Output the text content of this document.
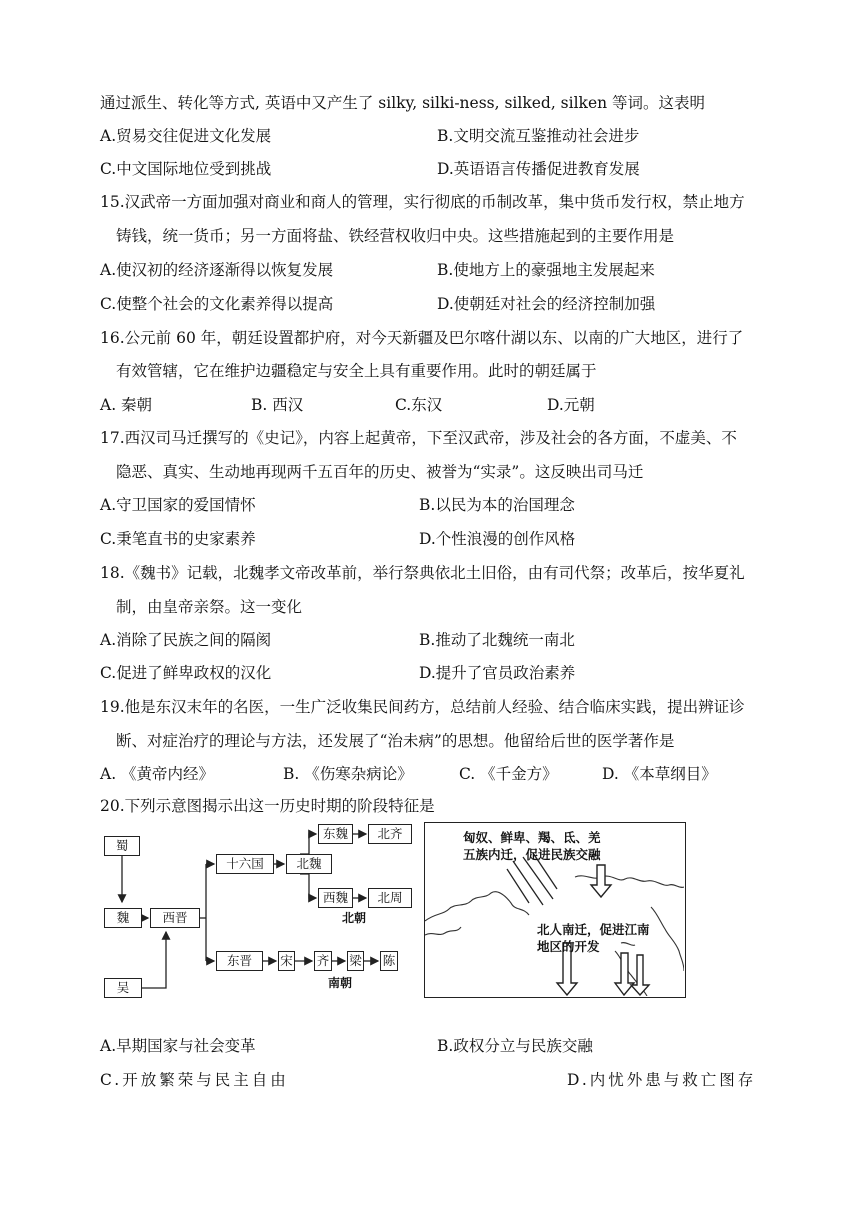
通过派生、转化等方式, 英语中又产生了 silky, silki-ness, silked, silken 等词。这表明
A.贸易交往促进文化发展	B.文明交流互鉴推动社会进步
C.中文国际地位受到挑战	D.英语语言传播促进教育发展
15.汉武帝一方面加强对商业和商人的管理，实行彻底的币制改革，集中货币发行权，禁止地方
铸钱，统一货币；另一方面将盐、铁经营权收归中央。这些措施起到的主要作用是
A.使汉初的经济逐渐得以恢复发展	B.使地方上的豪强地主发展起来
C.使整个社会的文化素养得以提高	D.使朝廷对社会的经济控制加强
16.公元前 60 年，朝廷设置都护府，对今天新疆及巴尔喀什湖以东、以南的广大地区，进行了
有效管辖，它在维护边疆稳定与安全上具有重要作用。此时的朝廷属于
A. 秦朝	B. 西汉	C.东汉	D.元朝
17.西汉司马迁撰写的《史记》，内容上起黄帝，下至汉武帝，涉及社会的各方面，不虚美、不
隐恶、真实、生动地再现两千五百年的历史、被誉为“实录”。这反映出司马迁
A.守卫国家的爱国情怀	B.以民为本的治国理念
C.秉笔直书的史家素养	D.个性浪漫的创作风格
18.《魏书》记载，北魏孝文帝改革前，举行祭典依北土旧俗，由有司代祭；改革后，按华夏礼
制，由皇帝亲祭。这一变化
A.消除了民族之间的隔阂	B.推动了北魏统一南北
C.促进了鲜卑政权的汉化	D.提升了官员政治素养
19.他是东汉末年的名医，一生广泛收集民间药方，总结前人经验、结合临床实践，提出辨证诊
断、对症治疗的理论与方法，还发展了“治未病”的思想。他留给后世的医学著作是
A. 《黄帝内经》	B. 《伤寒杂病论》	C. 《千金方》	D. 《本草纲目》
20.下列示意图揭示出这一历史时期的阶段特征是
蜀
魏
吴
西晋
十六国	北魏
东魏	北齐
西魏	北周
北朝
东晋	宋 齐 梁 陈
南朝
匈奴、鲜卑、羯、氐、羌
五族内迁，促进民族交融
北人南迁，促进江南
地区的开发
A.早期国家与社会变革	B.政权分立与民族交融
C.开放繁荣与民主自由	D.内忧外患与救亡图存
